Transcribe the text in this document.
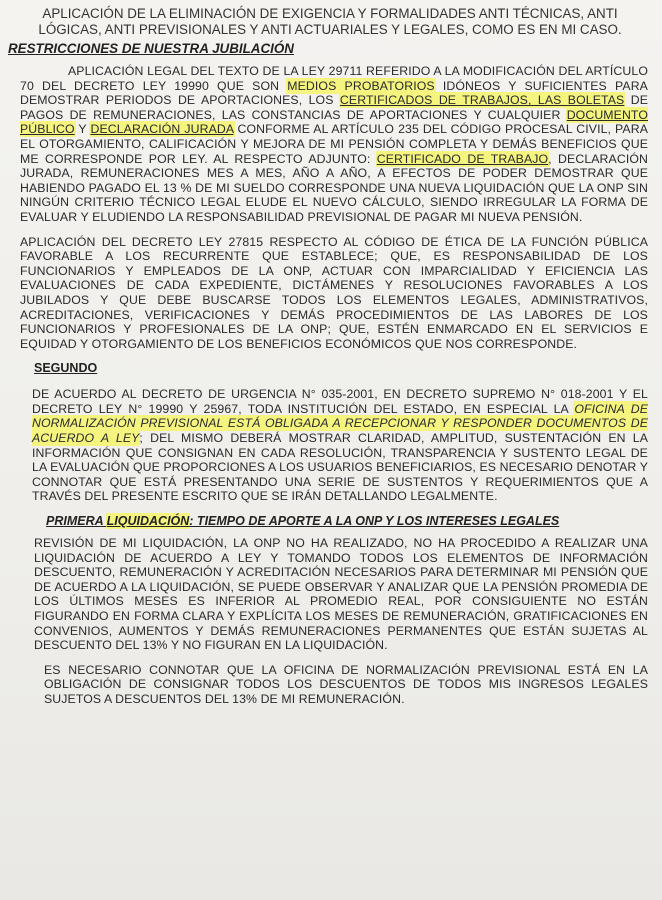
APLICACIÓN DE LA ELIMINACIÓN DE EXIGENCIA Y FORMALIDADES ANTI TÉCNICAS, ANTI LÓGICAS, ANTI PREVISIONALES Y ANTI ACTUARIALES Y LEGALES, COMO ES EN MI CASO.

RESTRICCIONES DE NUESTRA JUBILACIÓN

APLICACIÓN LEGAL DEL TEXTO DE LA LEY 29711 REFERIDO A LA MODIFICACIÓN DEL ARTÍCULO 70 DEL DECRETO LEY 19990 QUE SON MEDIOS PROBATORIOS IDÓNEOS Y SUFICIENTES PARA DEMOSTRAR PERIODOS DE APORTACIONES, LOS CERTIFICADOS DE TRABAJOS, LAS BOLETAS DE PAGOS DE REMUNERACIONES, LAS CONSTANCIAS DE APORTACIONES Y CUALQUIER DOCUMENTO PÚBLICO Y DECLARACIÓN JURADA CONFORME AL ARTÍCULO 235 DEL CÓDIGO PROCESAL CIVIL, PARA EL OTORGAMIENTO, CALIFICACIÓN Y MEJORA DE MI PENSIÓN COMPLETA Y DEMÁS BENEFICIOS QUE ME CORRESPONDE POR LEY. AL RESPECTO ADJUNTO: CERTIFICADO DE TRABAJO, DECLARACIÓN JURADA, REMUNERACIONES MES A MES, AÑO A AÑO, A EFECTOS DE PODER DEMOSTRAR QUE HABIENDO PAGADO EL 13 % DE MI SUELDO CORRESPONDE UNA NUEVA LIQUIDACIÓN QUE LA ONP SIN NINGÚN CRITERIO TÉCNICO LEGAL ELUDE EL NUEVO CÁLCULO, SIENDO IRREGULAR LA FORMA DE EVALUAR Y ELUDIENDO LA RESPONSABILIDAD PREVISIONAL DE PAGAR MI NUEVA PENSIÓN.

APLICACIÓN DEL DECRETO LEY 27815 RESPECTO AL CÓDIGO DE ÉTICA DE LA FUNCIÓN PÚBLICA FAVORABLE A LOS RECURRENTE QUE ESTABLECE; QUE, ES RESPONSABILIDAD DE LOS FUNCIONARIOS Y EMPLEADOS DE LA ONP, ACTUAR CON IMPARCIALIDAD Y EFICIENCIA LAS EVALUACIONES DE CADA EXPEDIENTE, DICTÁMENES Y RESOLUCIONES FAVORABLES A LOS JUBILADOS Y QUE DEBE BUSCARSE TODOS LOS ELEMENTOS LEGALES, ADMINISTRATIVOS, ACREDITACIONES, VERIFICACIONES Y DEMÁS PROCEDIMIENTOS DE LAS LABORES DE LOS FUNCIONARIOS Y PROFESIONALES DE LA ONP; QUE, ESTÉN ENMARCADO EN EL SERVICIOS E EQUIDAD Y OTORGAMIENTO DE LOS BENEFICIOS ECONÓMICOS QUE NOS CORRESPONDE.

SEGUNDO

DE ACUERDO AL DECRETO DE URGENCIA N° 035-2001, EN DECRETO SUPREMO N° 018-2001 Y EL DECRETO LEY N° 19990 Y 25967, TODA INSTITUCIÓN DEL ESTADO, EN ESPECIAL LA OFICINA DE NORMALIZACIÓN PREVISIONAL ESTÁ OBLIGADA A RECEPCIONAR Y RESPONDER DOCUMENTOS DE ACUERDO A LEY; DEL MISMO DEBERÁ MOSTRAR CLARIDAD, AMPLITUD, SUSTENTACIÓN EN LA INFORMACIÓN QUE CONSIGNAN EN CADA RESOLUCIÓN, TRANSPARENCIA Y SUSTENTO LEGAL DE LA EVALUACIÓN QUE PROPORCIONES A LOS USUARIOS BENEFICIARIOS, ES NECESARIO DENOTAR Y CONNOTAR QUE ESTÁ PRESENTANDO UNA SERIE DE SUSTENTOS Y REQUERIMIENTOS QUE A TRAVÉS DEL PRESENTE ESCRITO QUE SE IRÁN DETALLANDO LEGALMENTE.

PRIMERA LIQUIDACIÓN: TIEMPO DE APORTE A LA ONP Y LOS INTERESES LEGALES

REVISIÓN DE MI LIQUIDACIÓN, LA ONP NO HA REALIZADO, NO HA PROCEDIDO A REALIZAR UNA LIQUIDACIÓN DE ACUERDO A LEY Y TOMANDO TODOS LOS ELEMENTOS DE INFORMACIÓN DESCUENTO, REMUNERACIÓN Y ACREDITACIÓN NECESARIOS PARA DETERMINAR MI PENSIÓN QUE DE ACUERDO A LA LIQUIDACIÓN, SE PUEDE OBSERVAR Y ANALIZAR QUE LA PENSIÓN PROMEDIA DE LOS ÚLTIMOS MESES ES INFERIOR AL PROMEDIO REAL, POR CONSIGUIENTE NO ESTÁN FIGURANDO EN FORMA CLARA Y EXPLÍCITA LOS MESES DE REMUNERACIÓN, GRATIFICACIONES EN CONVENIOS, AUMENTOS Y DEMÁS REMUNERACIONES PERMANENTES QUE ESTÁN SUJETAS AL DESCUENTO DEL 13% Y NO FIGURAN EN LA LIQUIDACIÓN.

ES NECESARIO CONNOTAR QUE LA OFICINA DE NORMALIZACIÓN PREVISIONAL ESTÁ EN LA OBLIGACIÓN DE CONSIGNAR TODOS LOS DESCUENTOS DE TODOS MIS INGRESOS LEGALES SUJETOS A DESCUENTOS DEL 13% DE MI REMUNERACIÓN.
